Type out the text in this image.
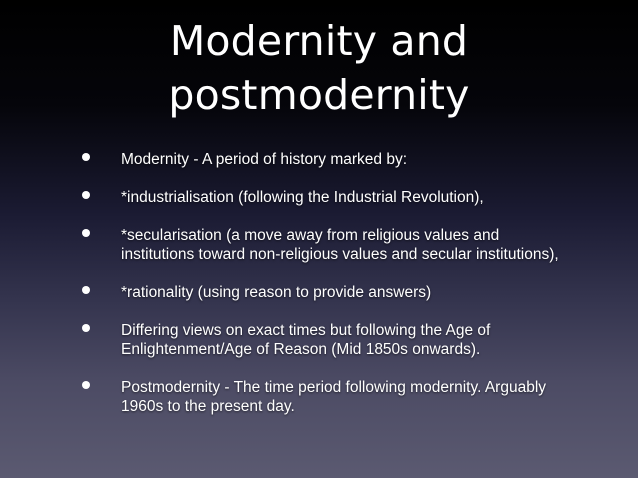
Modernity and
postmodernity
Modernity - A period of history marked by:
*industrialisation (following the Industrial Revolution),
*secularisation (a move away from religious values and
institutions toward non-religious values and secular institutions),
*rationality (using reason to provide answers)
Differing views on exact times but following the Age of
Enlightenment/Age of Reason (Mid 1850s onwards).
Postmodernity - The time period following modernity. Arguably
1960s to the present day.
